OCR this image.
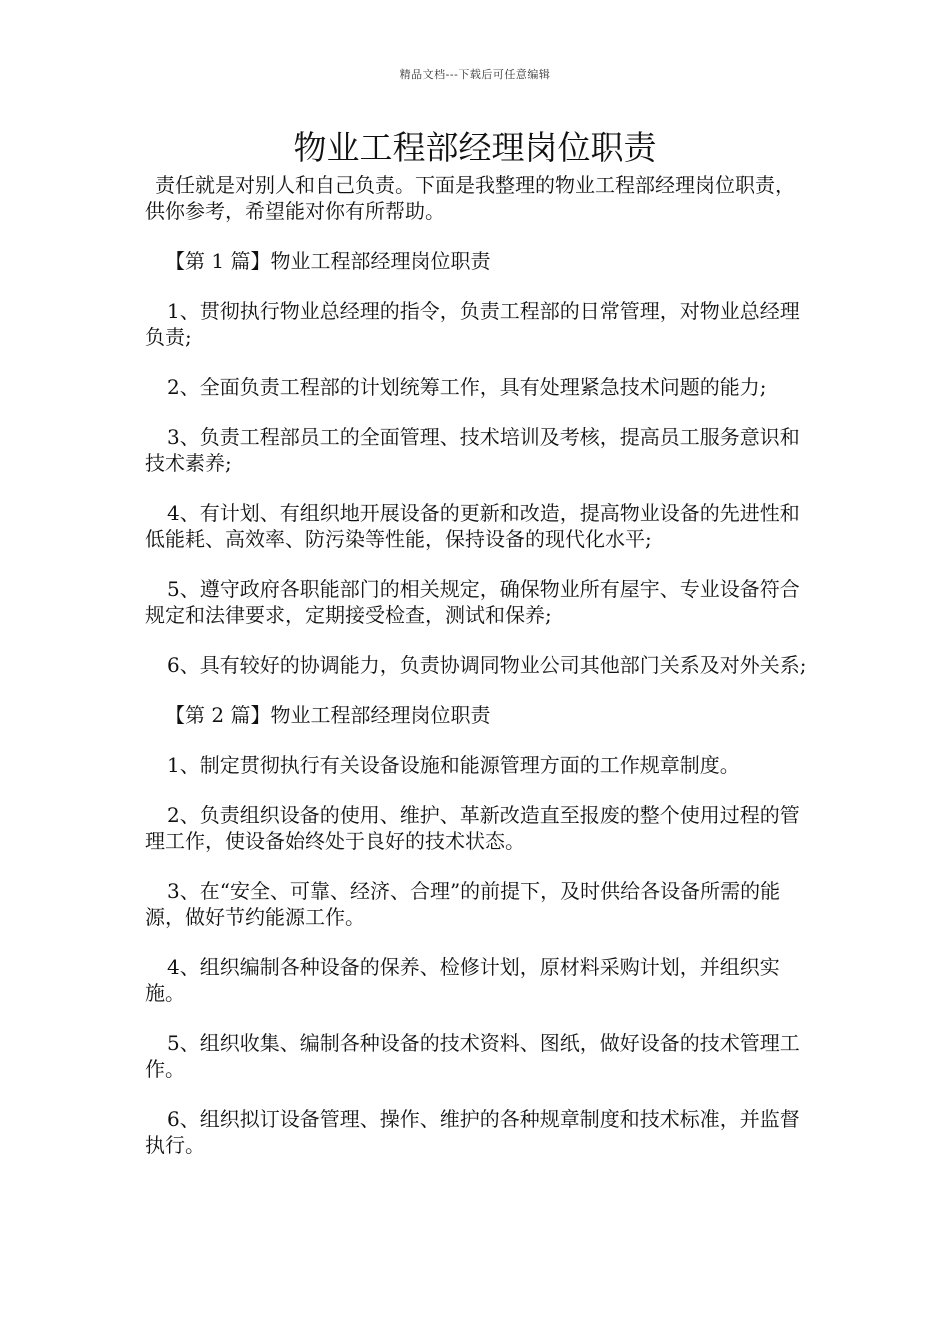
精品文档---下载后可任意编辑
物业工程部经理岗位职责

责任就是对别人和自己负责。下面是我整理的物业工程部经理岗位职责，供你参考，希望能对你有所帮助。

【第 1 篇】物业工程部经理岗位职责

1、贯彻执行物业总经理的指令，负责工程部的日常管理，对物业总经理负责;

2、全面负责工程部的计划统筹工作，具有处理紧急技术问题的能力;

3、负责工程部员工的全面管理、技术培训及考核，提高员工服务意识和技术素养;

4、有计划、有组织地开展设备的更新和改造，提高物业设备的先进性和低能耗、高效率、防污染等性能，保持设备的现代化水平;

5、遵守政府各职能部门的相关规定，确保物业所有屋宇、专业设备符合规定和法律要求，定期接受检查，测试和保养;

6、具有较好的协调能力，负责协调同物业公司其他部门关系及对外关系;

【第 2 篇】物业工程部经理岗位职责

1、制定贯彻执行有关设备设施和能源管理方面的工作规章制度。

2、负责组织设备的使用、维护、革新改造直至报废的整个使用过程的管理工作，使设备始终处于良好的技术状态。

3、在“安全、可靠、经济、合理”的前提下，及时供给各设备所需的能源，做好节约能源工作。

4、组织编制各种设备的保养、检修计划，原材料采购计划，并组织实施。

5、组织收集、编制各种设备的技术资料、图纸，做好设备的技术管理工作。

6、组织拟订设备管理、操作、维护的各种规章制度和技术标准，并监督执行。
